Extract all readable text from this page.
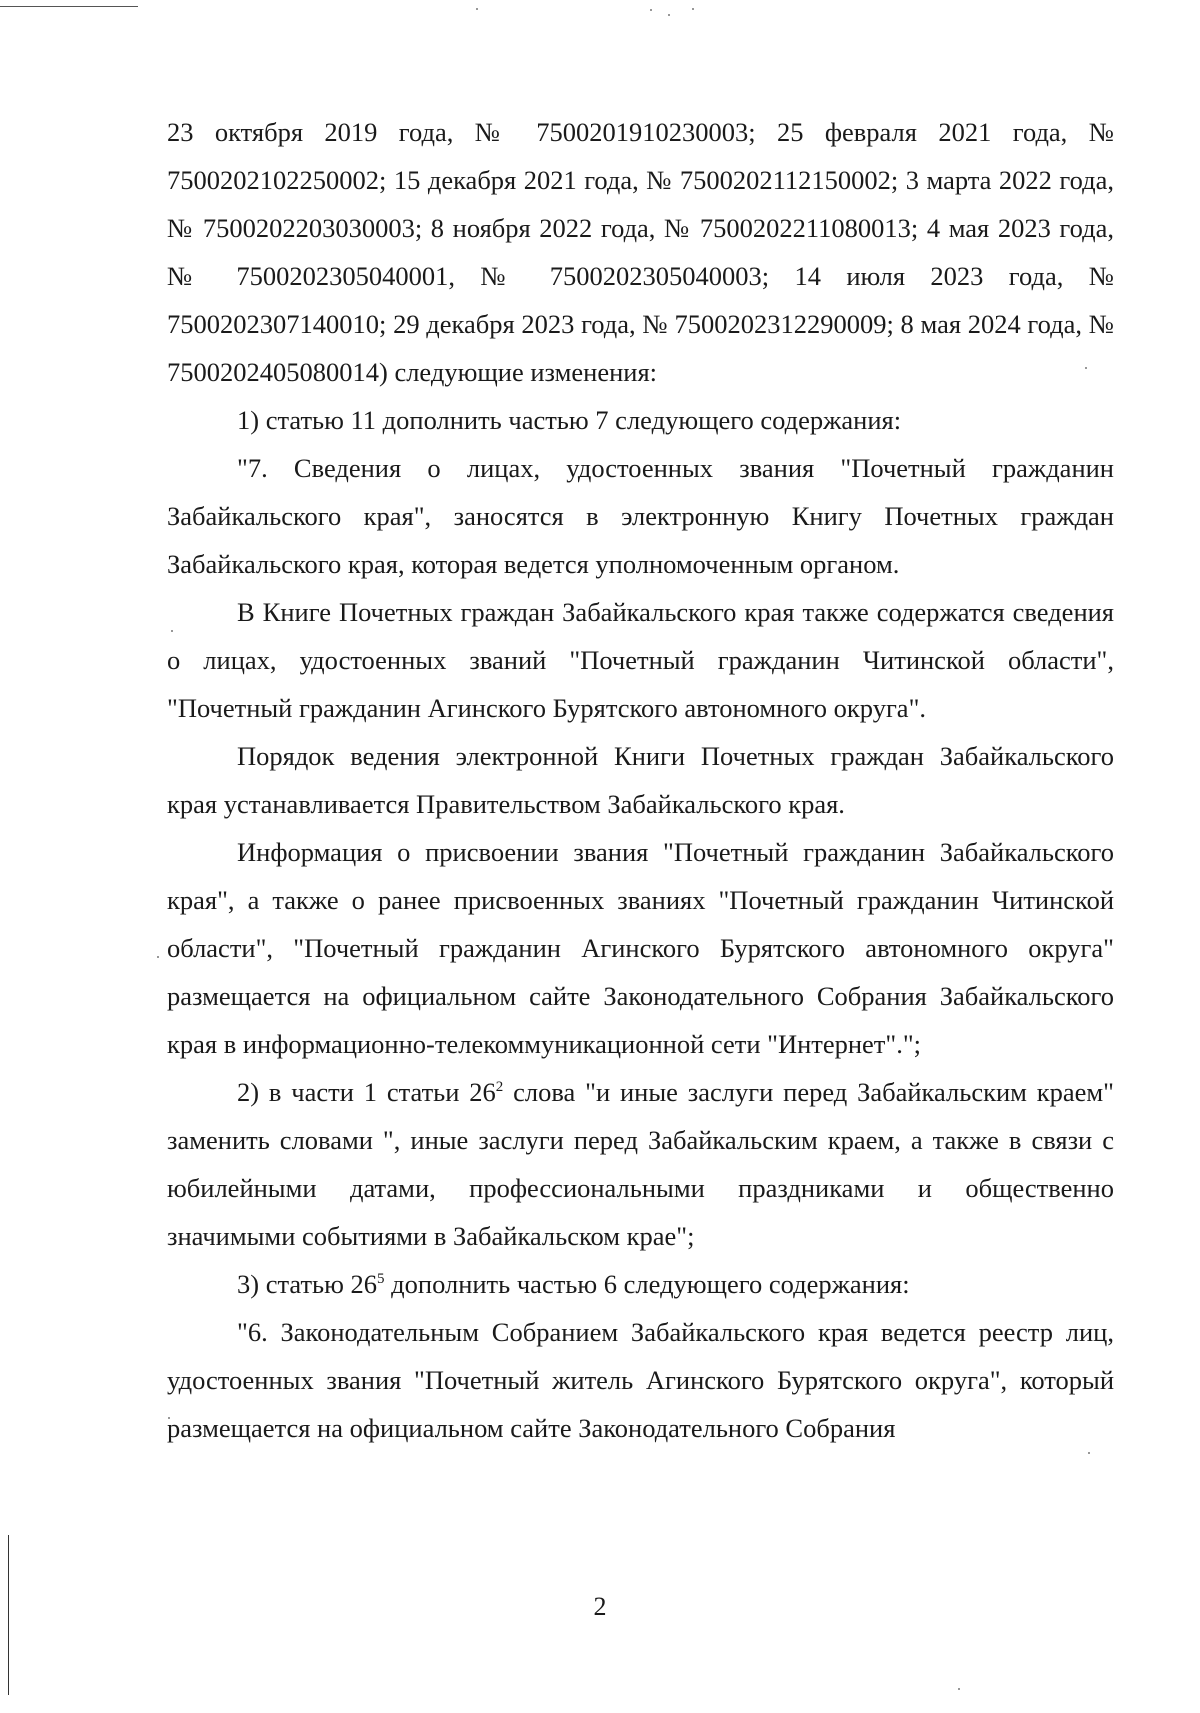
23 октября 2019 года, № 7500201910230003; 25 февраля 2021 года, № 7500202102250002; 15 декабря 2021 года, № 7500202112150002; 3 марта 2022 года, № 7500202203030003; 8 ноября 2022 года, № 7500202211080013; 4 мая 2023 года, № 7500202305040001, № 7500202305040003; 14 июля 2023 года, № 7500202307140010; 29 декабря 2023 года, № 7500202312290009; 8 мая 2024 года, № 7500202405080014) следующие изменения:

1) статью 11 дополнить частью 7 следующего содержания:

"7. Сведения о лицах, удостоенных звания "Почетный гражданин Забайкальского края", заносятся в электронную Книгу Почетных граждан Забайкальского края, которая ведется уполномоченным органом.

В Книге Почетных граждан Забайкальского края также содержатся сведения о лицах, удостоенных званий "Почетный гражданин Читинской области", "Почетный гражданин Агинского Бурятского автономного округа".

Порядок ведения электронной Книги Почетных граждан Забайкальского края устанавливается Правительством Забайкальского края.

Информация о присвоении звания "Почетный гражданин Забайкальского края", а также о ранее присвоенных званиях "Почетный гражданин Читинской области", "Почетный гражданин Агинского Бурятского автономного округа" размещается на официальном сайте Законодательного Собрания Забайкальского края в информационно-телекоммуникационной сети "Интернет".";

2) в части 1 статьи $26^2$ слова "и иные заслуги перед Забайкальским краем" заменить словами ", иные заслуги перед Забайкальским краем, а также в связи с юбилейными датами, профессиональными праздниками и общественно значимыми событиями в Забайкальском крае";

3) статью $26^5$ дополнить частью 6 следующего содержания:

"6. Законодательным Собранием Забайкальского края ведется реестр лиц, удостоенных звания "Почетный житель Агинского Бурятского округа", который размещается на официальном сайте Законодательного Собрания

2
